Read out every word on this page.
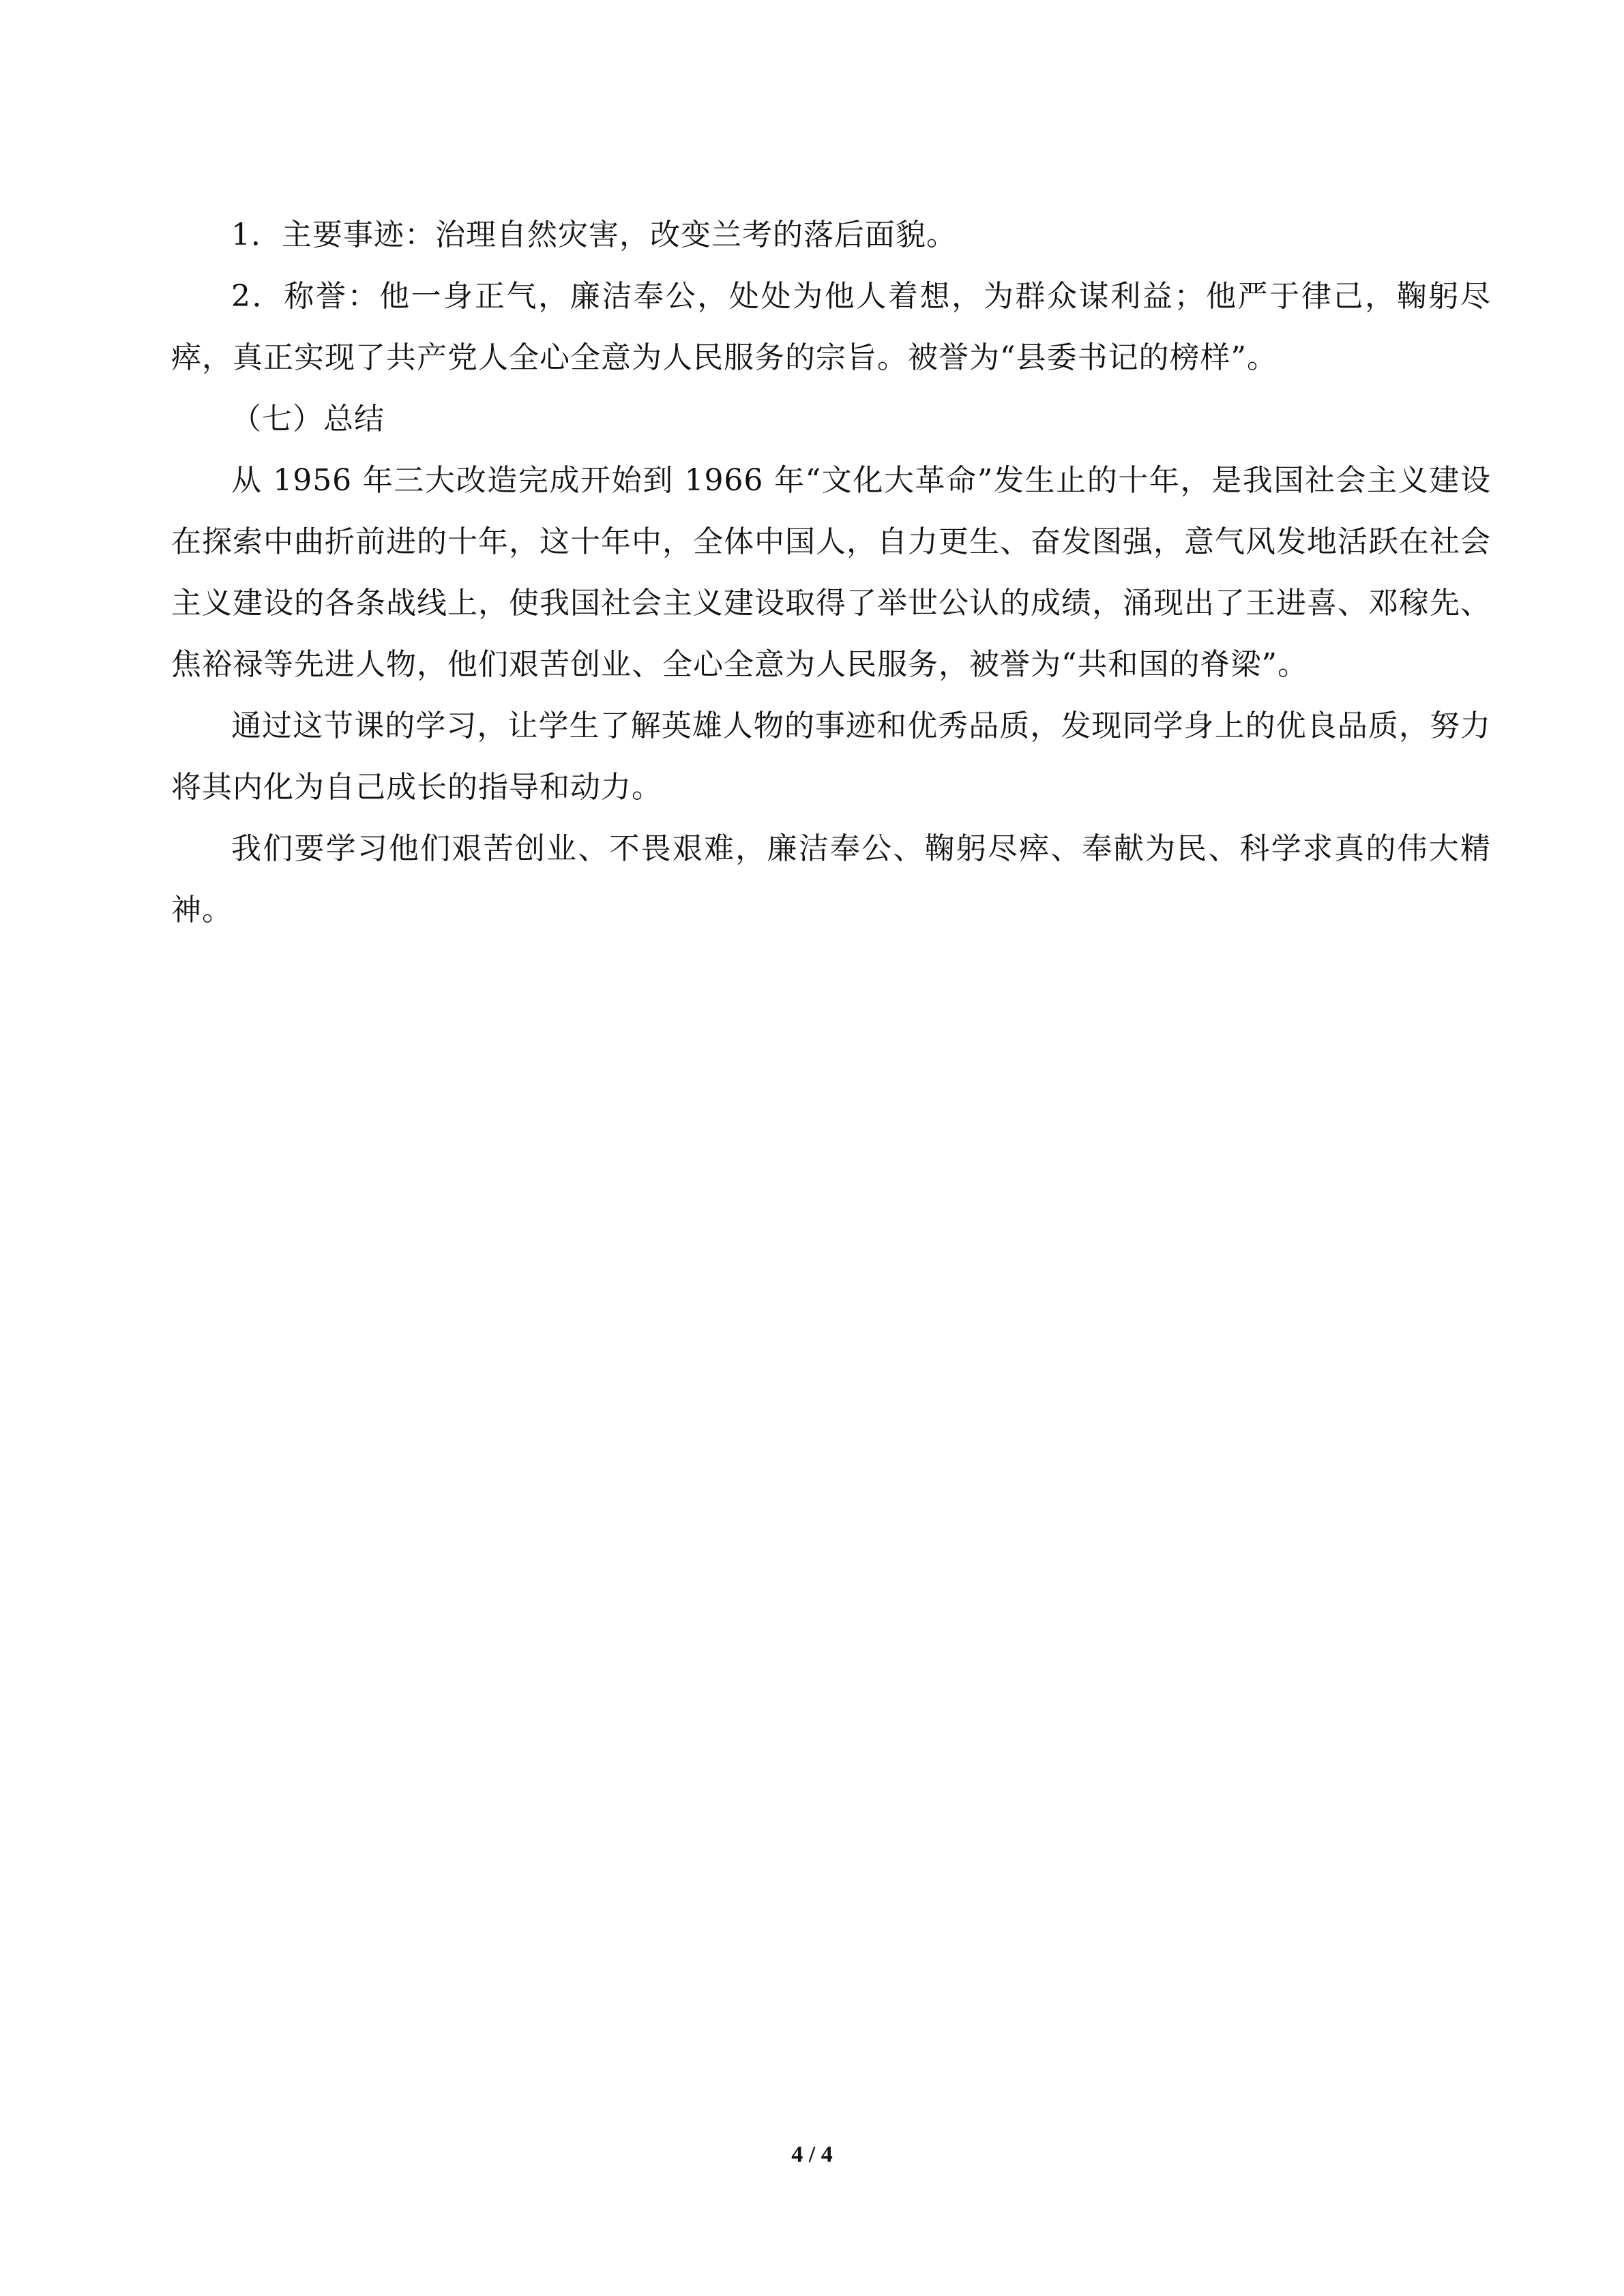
1．主要事迹：治理自然灾害，改变兰考的落后面貌。

2．称誉：他一身正气，廉洁奉公，处处为他人着想，为群众谋利益；他严于律己，鞠躬尽瘁，真正实现了共产党人全心全意为人民服务的宗旨。被誉为“县委书记的榜样”。

（七）总结

从 1956 年三大改造完成开始到 1966 年“文化大革命”发生止的十年，是我国社会主义建设在探索中曲折前进的十年，这十年中，全体中国人，自力更生、奋发图强，意气风发地活跃在社会主义建设的各条战线上，使我国社会主义建设取得了举世公认的成绩，涌现出了王进喜、邓稼先、焦裕禄等先进人物，他们艰苦创业、全心全意为人民服务，被誉为“共和国的脊梁”。

通过这节课的学习，让学生了解英雄人物的事迹和优秀品质，发现同学身上的优良品质，努力将其内化为自己成长的指导和动力。

我们要学习他们艰苦创业、不畏艰难，廉洁奉公、鞠躬尽瘁、奉献为民、科学求真的伟大精神。

4 / 4
